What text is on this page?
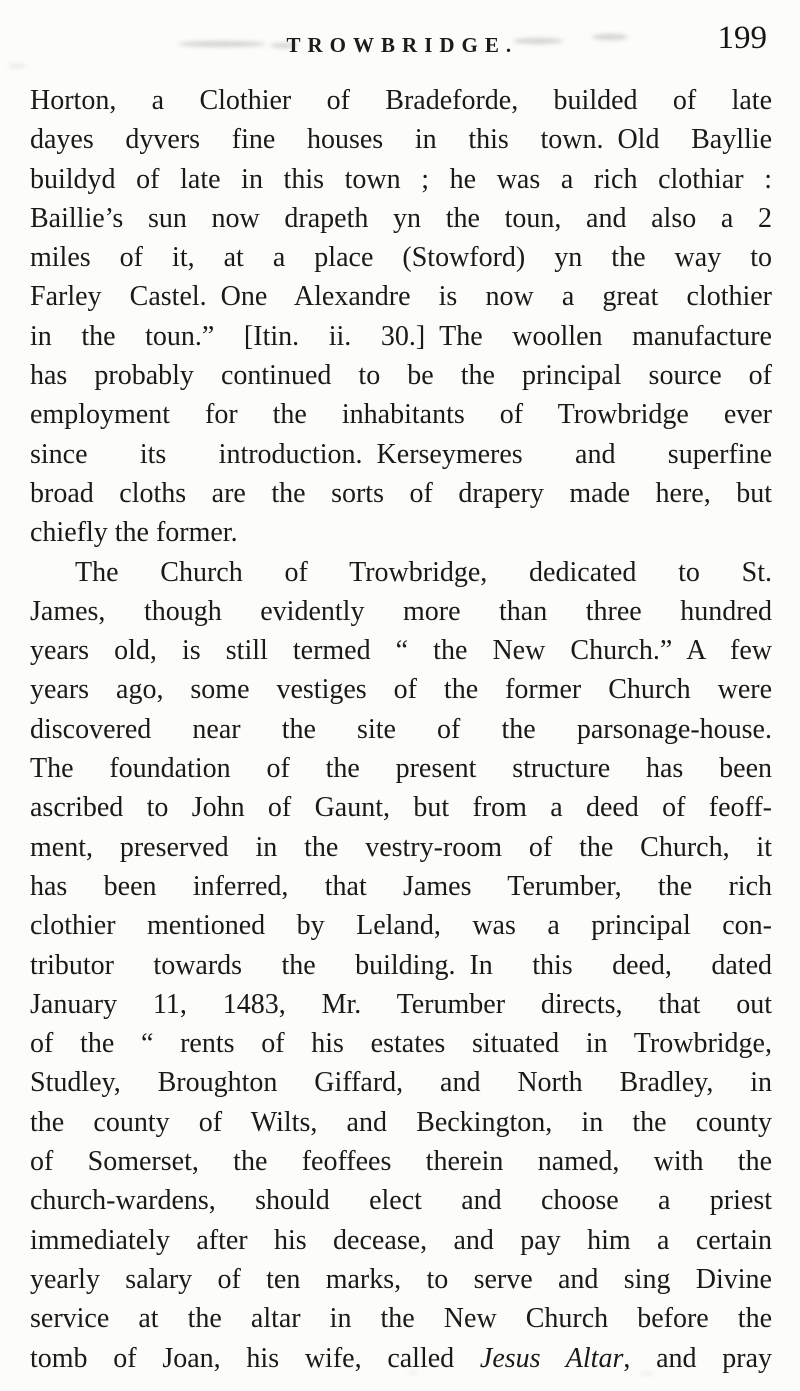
TROWBRIDGE.	199
Horton, a Clothier of Bradeforde, builded of late
dayes dyvers fine houses in this town. Old Bayllie
buildyd of late in this town ; he was a rich clothiar :
Baillie’s sun now drapeth yn the toun, and also a 2
miles of it, at a place (Stowford) yn the way to
Farley Castel. One Alexandre is now a great clothier
in the toun.” [Itin. ii. 30.] The woollen manufacture
has probably continued to be the principal source of
employment for the inhabitants of Trowbridge ever
since its introduction. Kerseymeres and superfine
broad cloths are the sorts of drapery made here, but
chiefly the former.
The Church of Trowbridge, dedicated to St.
James, though evidently more than three hundred
years old, is still termed “ the New Church.” A few
years ago, some vestiges of the former Church were
discovered near the site of the parsonage-house.
The foundation of the present structure has been
ascribed to John of Gaunt, but from a deed of feoff-
ment, preserved in the vestry-room of the Church, it
has been inferred, that James Terumber, the rich
clothier mentioned by Leland, was a principal con-
tributor towards the building. In this deed, dated
January 11, 1483, Mr. Terumber directs, that out
of the “ rents of his estates situated in Trowbridge,
Studley, Broughton Giffard, and North Bradley, in
the county of Wilts, and Beckington, in the county
of Somerset, the feoffees therein named, with the
church-wardens, should elect and choose a priest
immediately after his decease, and pay him a certain
yearly salary of ten marks, to serve and sing Divine
service at the altar in the New Church before the
tomb of Joan, his wife, called Jesus Altar, and pray
